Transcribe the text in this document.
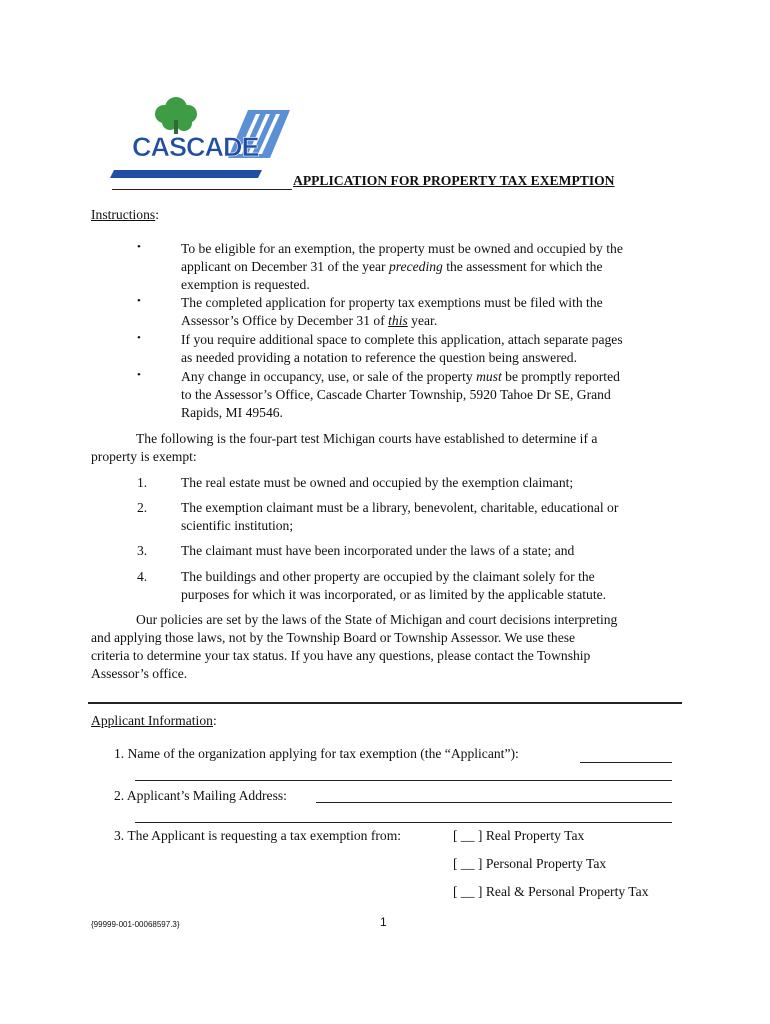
CASCADE
APPLICATION FOR PROPERTY TAX EXEMPTION
Instructions:
•	To be eligible for an exemption, the property must be owned and occupied by the
applicant on December 31 of the year preceding the assessment for which the
exemption is requested.
•	The completed application for property tax exemptions must be filed with the
Assessor’s Office by December 31 of this year.
•	If you require additional space to complete this application, attach separate pages
as needed providing a notation to reference the question being answered.
•	Any change in occupancy, use, or sale of the property must be promptly reported
to the Assessor’s Office, Cascade Charter Township, 5920 Tahoe Dr SE, Grand
Rapids, MI 49546.
The following is the four-part test Michigan courts have established to determine if a
property is exempt:
1. The real estate must be owned and occupied by the exemption claimant;
2. The exemption claimant must be a library, benevolent, charitable, educational or
scientific institution;
3. The claimant must have been incorporated under the laws of a state; and
4. The buildings and other property are occupied by the claimant solely for the
purposes for which it was incorporated, or as limited by the applicable statute.
Our policies are set by the laws of the State of Michigan and court decisions interpreting
and applying those laws, not by the Township Board or Township Assessor. We use these
criteria to determine your tax status. If you have any questions, please contact the Township
Assessor’s office.
Applicant Information:
1. Name of the organization applying for tax exemption (the “Applicant”):
2. Applicant’s Mailing Address:
3. The Applicant is requesting a tax exemption from:	[ __ ] Real Property Tax
[ __ ] Personal Property Tax
[ __ ] Real & Personal Property Tax
{99999-001-00068597.3}	1
